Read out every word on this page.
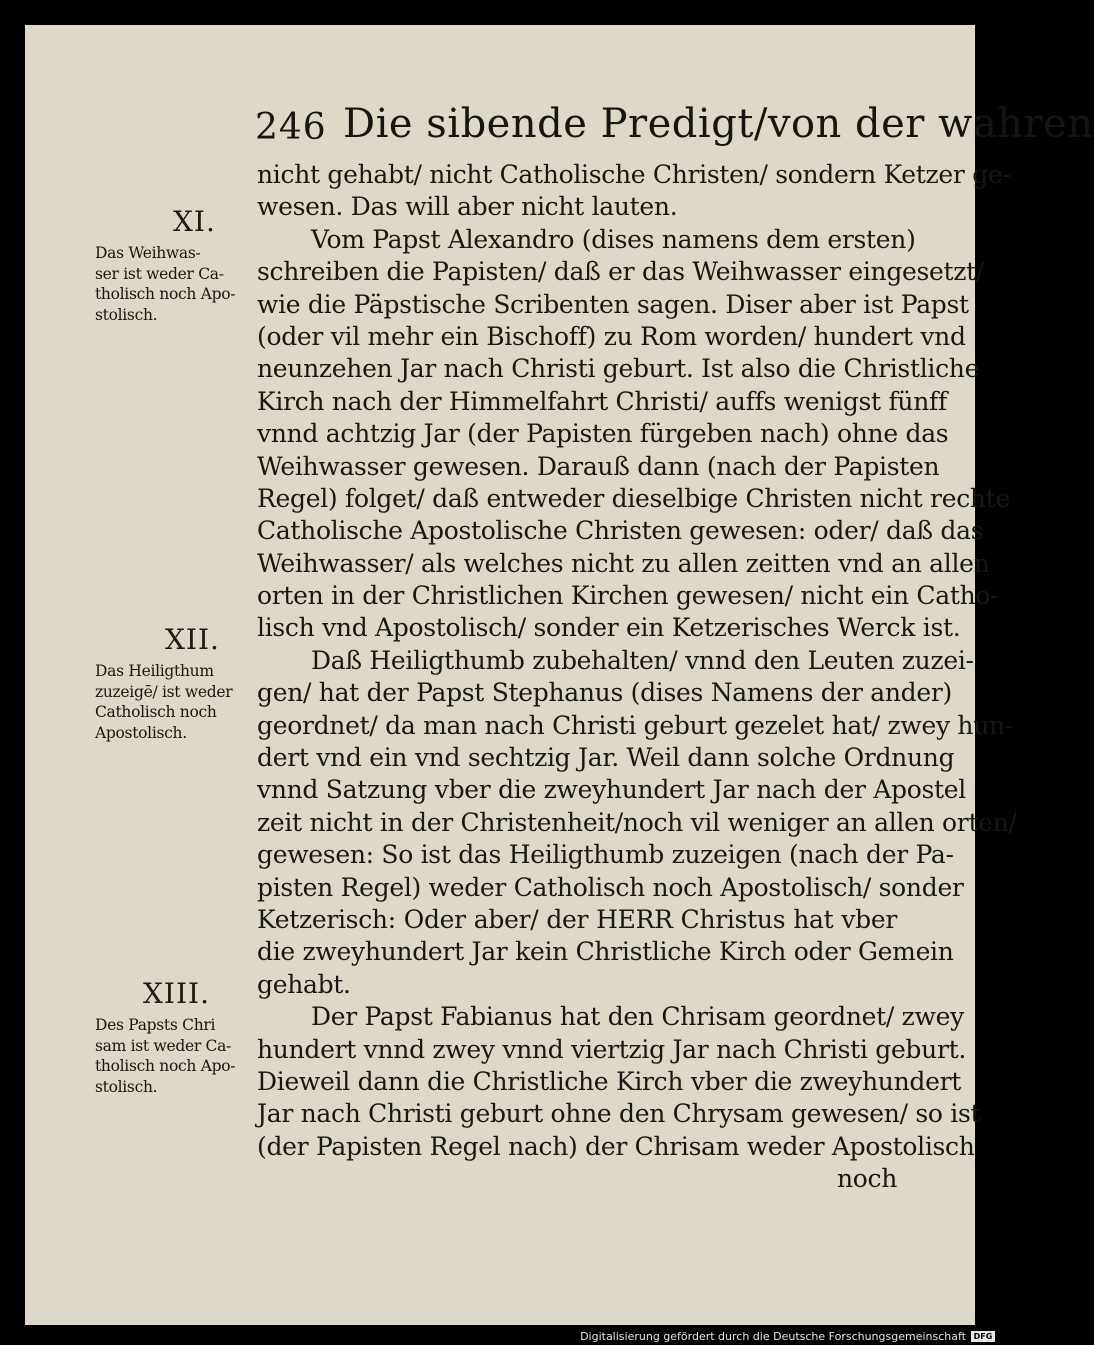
246 Die sibende Predigt/von der wahren
nicht gehabt/ nicht Catholische Christen/ sondern Ketzer ge-
wesen. Das will aber nicht lauten.
Vom Papst Alexandro (dises namens dem ersten)
schreiben die Papisten/ daß er das Weihwasser eingesetzt/
wie die Päpstische Scribenten sagen. Diser aber ist Papst
(oder vil mehr ein Bischoff) zu Rom worden/ hundert vnd
neunzehen Jar nach Christi geburt. Ist also die Christliche
Kirch nach der Himmelfahrt Christi/ auffs wenigst fünff
vnnd achtzig Jar (der Papisten fürgeben nach) ohne das
Weihwasser gewesen. Darauß dann (nach der Papisten
Regel) folget/ daß entweder dieselbige Christen nicht rechte
Catholische Apostolische Christen gewesen: oder/ daß das
Weihwasser/ als welches nicht zu allen zeitten vnd an allen
orten in der Christlichen Kirchen gewesen/ nicht ein Catho-
lisch vnd Apostolisch/ sonder ein Ketzerisches Werck ist.
Daß Heiligthumb zubehalten/ vnnd den Leuten zuzei-
gen/ hat der Papst Stephanus (dises Namens der ander)
geordnet/ da man nach Christi geburt gezelet hat/ zwey hun-
dert vnd ein vnd sechtzig Jar. Weil dann solche Ordnung
vnnd Satzung vber die zweyhundert Jar nach der Apostel
zeit nicht in der Christenheit/noch vil weniger an allen orten/
gewesen: So ist das Heiligthumb zuzeigen (nach der Pa-
pisten Regel) weder Catholisch noch Apostolisch/ sonder
Ketzerisch: Oder aber/ der HERR Christus hat vber
die zweyhundert Jar kein Christliche Kirch oder Gemein
gehabt.
Der Papst Fabianus hat den Chrisam geordnet/ zwey
hundert vnnd zwey vnnd viertzig Jar nach Christi geburt.
Dieweil dann die Christliche Kirch vber die zweyhundert
Jar nach Christi geburt ohne den Chrysam gewesen/ so ist
(der Papisten Regel nach) der Chrisam weder Apostolisch
noch
XI.
Das Weihwas-
ser ist weder Ca-
tholisch noch Apo-
stolisch.
XII.
Das Heiligthum
zuzeigē/ ist weder
Catholisch noch
Apostolisch.
XIII.
Des Papsts Chri
sam ist weder Ca-
tholisch noch Apo-
stolisch.
Digitalisierung gefördert durch die Deutsche Forschungsgemeinschaft DFG
